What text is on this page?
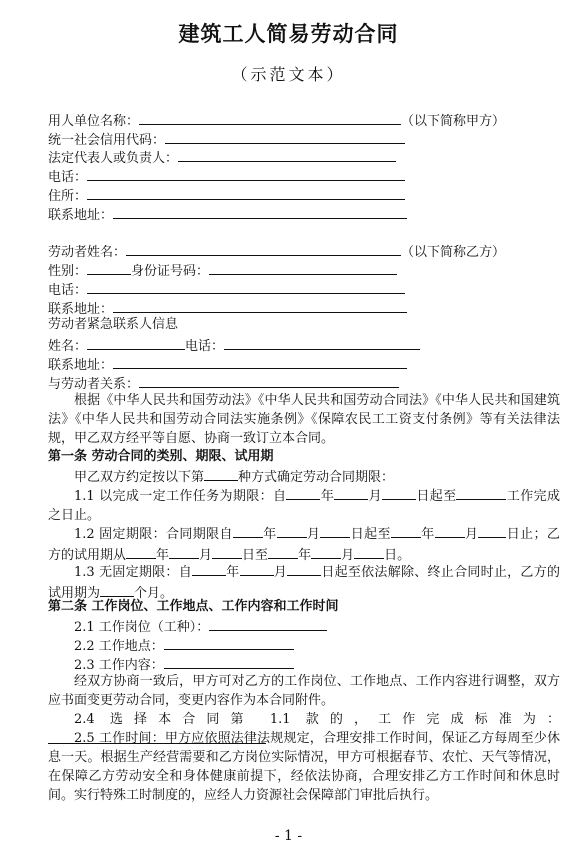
建筑工人简易劳动合同
（示范文本）
用人单位名称：	（以下简称甲方）
统一社会信用代码：
法定代表人或负责人：
电话：
住所：
联系地址：
劳动者姓名：	（以下简称乙方）
性别：	身份证号码：
电话：
联系地址：
劳动者紧急联系人信息
姓名：	电话：
联系地址：
与劳动者关系：
根据《中华人民共和国劳动法》《中华人民共和国劳动合同法》《中华人民共和国建筑法》《中华人民共和国劳动合同法实施条例》《保障农民工工资支付条例》等有关法律法规，甲乙双方经平等自愿、协商一致订立本合同。
第一条 劳动合同的类别、期限、试用期
甲乙双方约定按以下第	种方式确定劳动合同期限：
1.1 以完成一定工作任务为期限：自	年	月	日起至	工作完成之日止。
1.2 固定期限：合同期限自 年 月 日起至 年 月 日止；乙方的试用期从 年 月 日至 年 月 日。
1.3 无固定期限：自	年	月	日起至依法解除、终止合同时止，乙方的试用期为	个月。
第二条 工作岗位、工作地点、工作内容和工作时间
2.1 工作岗位（工种）：
2.2 工作地点：
2.3 工作内容：
经双方协商一致后，甲方可对乙方的工作岗位、工作地点、工作内容进行调整，双方应书面变更劳动合同，变更内容作为本合同附件。
2.4 选择本合同第 1.1 款的，工作完成标准为：
2.5 工作时间：甲方应依照法律法规规定，合理安排工作时间，保证乙方每周至少休息一天。根据生产经营需要和乙方岗位实际情况，甲方可根据春节、农忙、天气等情况，在保障乙方劳动安全和身体健康前提下，经依法协商，合理安排乙方工作时间和休息时间。实行特殊工时制度的，应经人力资源社会保障部门审批后执行。
- 1 -
